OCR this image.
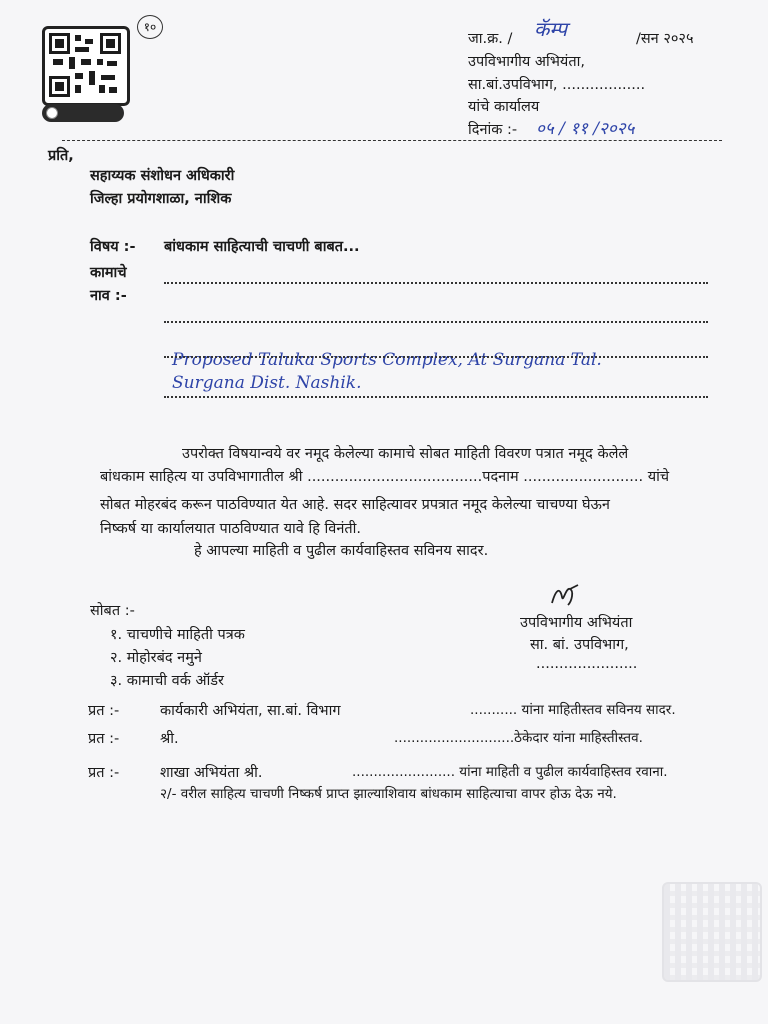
१०
जा.क्र. / कॅम्प	/सन २०२५
उपविभागीय अभियंता,
सा.बां.उपविभाग, ..................
यांचे कार्यालय
दिनांक :- ०५ / ११ /२०२५
प्रति,
सहाय्यक संशोधन अधिकारी
जिल्हा प्रयोगशाळा, नाशिक
विषय :- बांधकाम साहित्याची चाचणी बाबत...
कामाचे
नाव :-
Proposed Taluka Sports Complex, At Surgana Tal.
Surgana Dist. Nashik.
उपरोक्त विषयान्वये वर नमूद केलेल्या कामाचे सोबत माहिती विवरण पत्रात नमूद केलेले
बांधकाम साहित्य या उपविभागातील श्री ......................................पदनाम .......................... यांचे
सोबत मोहरबंद करून पाठविण्यात येत आहे. सदर साहित्यावर प्रपत्रात नमूद केलेल्या चाचण्या घेऊन
निष्कर्ष या कार्यालयात पाठविण्यात यावे हि विनंती.
हे आपल्या माहिती व पुढील कार्यवाहिस्तव सविनय सादर.
सोबत :-
१. चाचणीचे माहिती पत्रक
२. मोहोरबंद नमुने
३. कामाची वर्क ऑर्डर
उपविभागीय अभियंता
सा. बां. उपविभाग,
......................
प्रत :-	कार्यकारी अभियंता, सा.बां. विभाग	........... यांना माहितीस्तव सविनय सादर.
प्रत :-	श्री.	............................ठेकेदार यांना माहिस्तीस्तव.
प्रत :-	शाखा अभियंता श्री.	........................ यांना माहिती व पुढील कार्यवाहिस्तव रवाना.
२/- वरील साहित्य चाचणी निष्कर्ष प्राप्त झाल्याशिवाय बांधकाम साहित्याचा वापर होऊ देऊ नये.
